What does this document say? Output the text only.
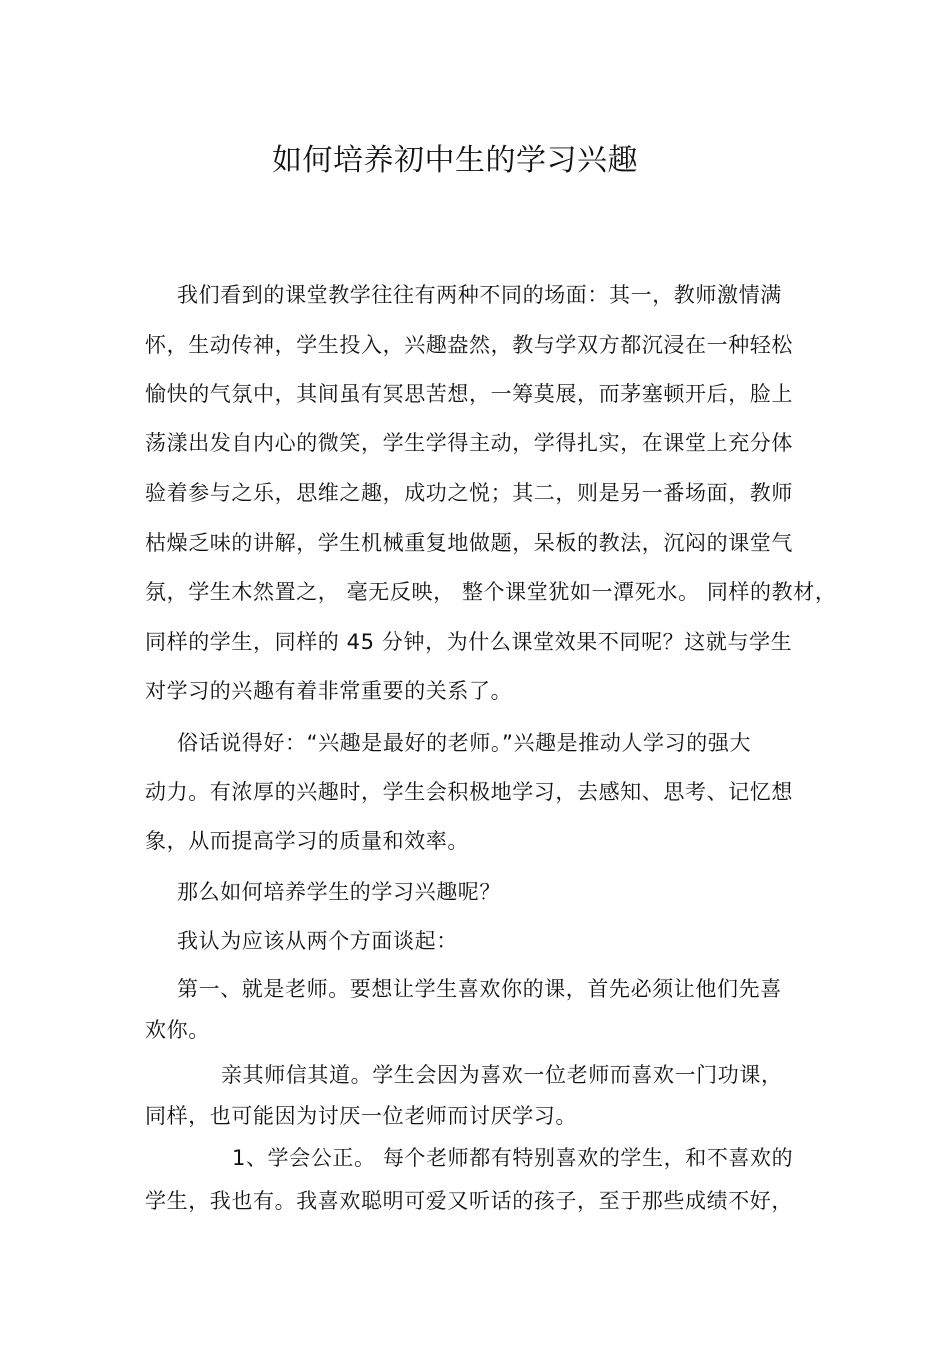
如何培养初中生的学习兴趣
我们看到的课堂教学往往有两种不同的场面：其一，教师激情满
怀，生动传神，学生投入，兴趣盎然，教与学双方都沉浸在一种轻松
愉快的气氛中，其间虽有冥思苦想，一筹莫展，而茅塞顿开后，脸上
荡漾出发自内心的微笑，学生学得主动，学得扎实，在课堂上充分体
验着参与之乐，思维之趣，成功之悦；其二，则是另一番场面，教师
枯燥乏味的讲解，学生机械重复地做题，呆板的教法，沉闷的课堂气
氛，学生木然置之， 毫无反映， 整个课堂犹如一潭死水。 同样的教材，
同样的学生，同样的 45 分钟，为什么课堂效果不同呢？这就与学生
对学习的兴趣有着非常重要的关系了。
俗话说得好：“兴趣是最好的老师。”兴趣是推动人学习的强大
动力。有浓厚的兴趣时，学生会积极地学习，去感知、思考、记忆想
象，从而提高学习的质量和效率。
那么如何培养学生的学习兴趣呢？
我认为应该从两个方面谈起：
第一、就是老师。要想让学生喜欢你的课，首先必须让他们先喜
欢你。
亲其师信其道。学生会因为喜欢一位老师而喜欢一门功课，
同样，也可能因为讨厌一位老师而讨厌学习。
1、学会公正。 每个老师都有特别喜欢的学生，和不喜欢的
学生，我也有。我喜欢聪明可爱又听话的孩子，至于那些成绩不好，
